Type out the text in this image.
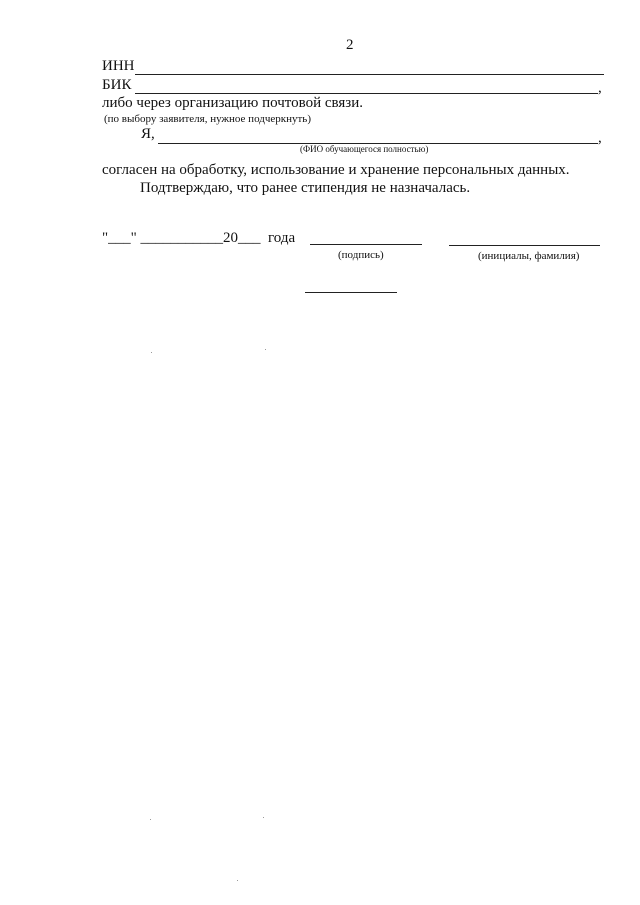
2
ИНН
БИК	,
либо через организацию почтовой связи.
(по выбору заявителя, нужное подчеркнуть)
Я,	,
(ФИО обучающегося полностью)
согласен на обработку, использование и хранение персональных данных.
Подтверждаю, что ранее стипендия не назначалась.
"___" ___________20___ года
(подпись)	(инициалы, фамилия)
